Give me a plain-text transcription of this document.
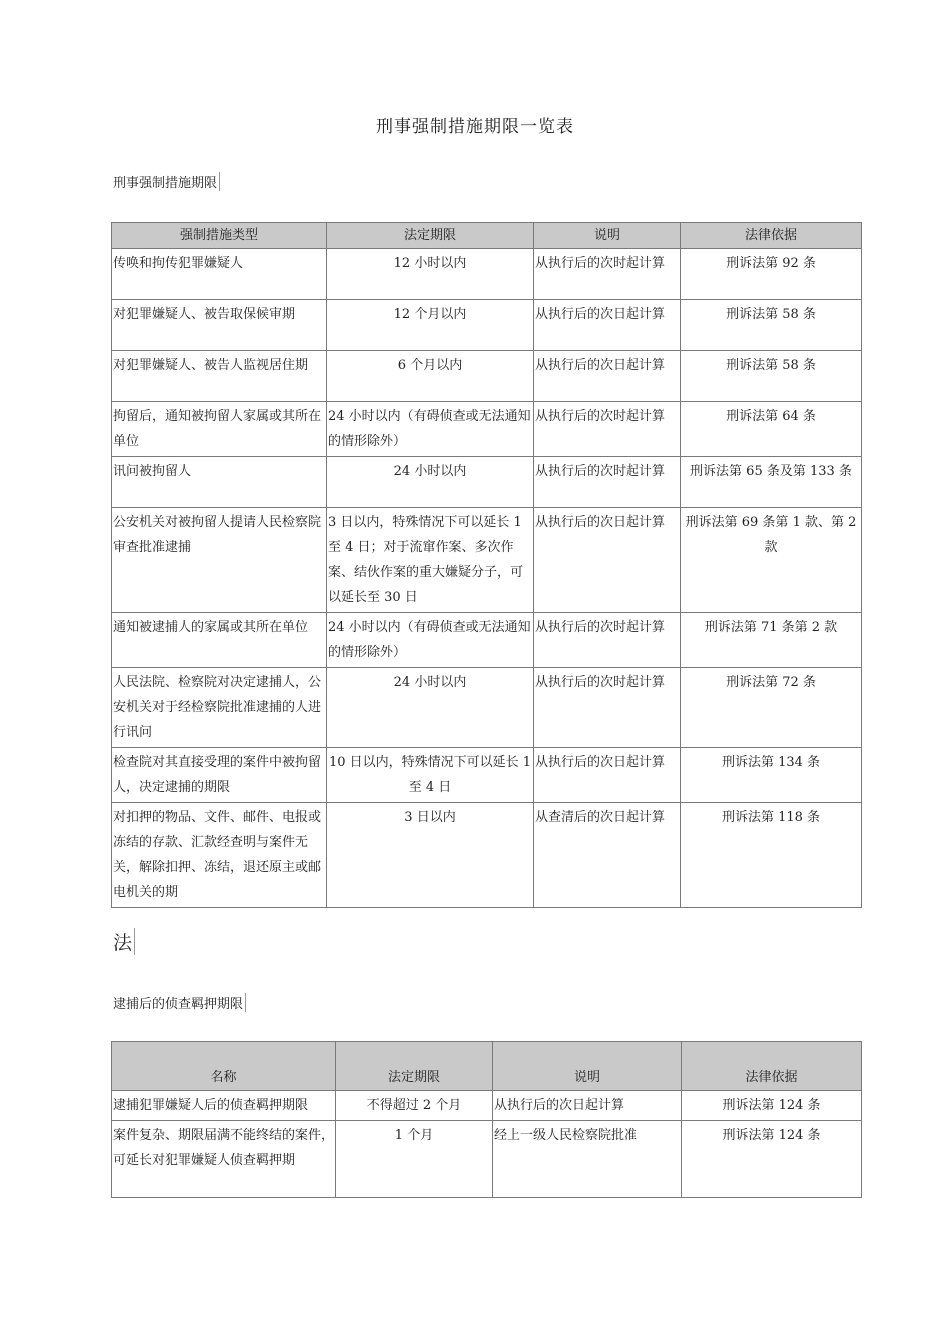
刑事强制措施期限一览表
刑事强制措施期限
强制措施类型	法定期限	说明	法律依据
传唤和拘传犯罪嫌疑人	12 小时以内	从执行后的次时起计算	刑诉法第 92 条
对犯罪嫌疑人、被告取保候审期	12 个月以内	从执行后的次日起计算	刑诉法第 58 条
对犯罪嫌疑人、被告人监视居住期	6 个月以内	从执行后的次日起计算	刑诉法第 58 条
拘留后，通知被拘留人家属或其所在单位	24 小时以内（有碍侦查或无法通知的情形除外）	从执行后的次时起计算	刑诉法第 64 条
讯问被拘留人	24 小时以内	从执行后的次时起计算	刑诉法第 65 条及第 133 条
公安机关对被拘留人提请人民检察院审查批准逮捕	3 日以内，特殊情况下可以延长 1 至 4 日；对于流窜作案、多次作案、结伙作案的重大嫌疑分子，可以延长至 30 日	从执行后的次日起计算	刑诉法第 69 条第 1 款、第 2 款
通知被逮捕人的家属或其所在单位	24 小时以内（有碍侦查或无法通知的情形除外）	从执行后的次时起计算	刑诉法第 71 条第 2 款
人民法院、检察院对决定逮捕人，公安机关对于经检察院批准逮捕的人进行讯问	24 小时以内	从执行后的次时起计算	刑诉法第 72 条
检查院对其直接受理的案件中被拘留人，决定逮捕的期限	10 日以内，特殊情况下可以延长 1 至 4 日	从执行后的次日起计算	刑诉法第 134 条
对扣押的物品、文件、邮件、电报或冻结的存款、汇款经查明与案件无关，解除扣押、冻结，退还原主或邮电机关的期	3 日以内	从查清后的次日起计算	刑诉法第 118 条
法
逮捕后的侦查羁押期限
名称	法定期限	说明	法律依据
逮捕犯罪嫌疑人后的侦查羁押期限	不得超过 2 个月	从执行后的次日起计算	刑诉法第 124 条
案件复杂、期限届满不能终结的案件，可延长对犯罪嫌疑人侦查羁押期	1 个月	经上一级人民检察院批准	刑诉法第 124 条
